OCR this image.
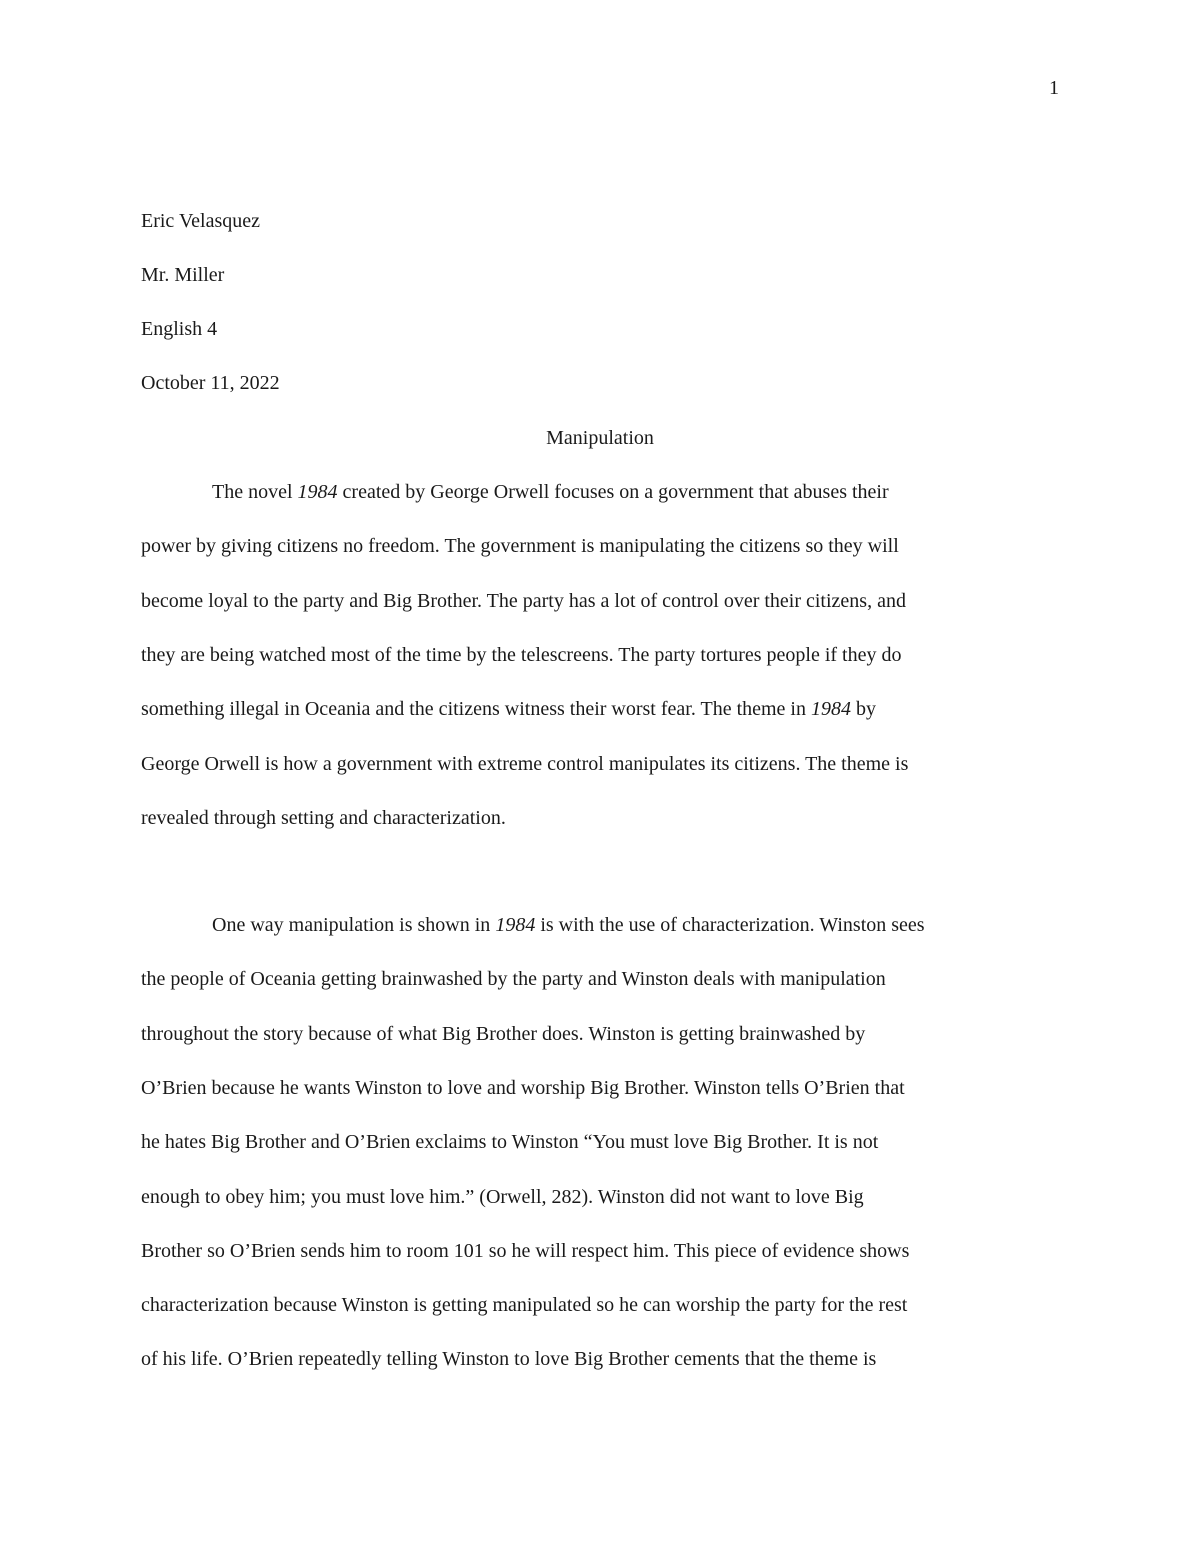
1
Eric Velasquez
Mr. Miller
English 4
October 11, 2022
Manipulation
The novel 1984 created by George Orwell focuses on a government that abuses their
power by giving citizens no freedom. The government is manipulating the citizens so they will
become loyal to the party and Big Brother. The party has a lot of control over their citizens, and
they are being watched most of the time by the telescreens. The party tortures people if they do
something illegal in Oceania and the citizens witness their worst fear. The theme in 1984 by
George Orwell is how a government with extreme control manipulates its citizens. The theme is
revealed through setting and characterization.
One way manipulation is shown in 1984 is with the use of characterization. Winston sees
the people of Oceania getting brainwashed by the party and Winston deals with manipulation
throughout the story because of what Big Brother does. Winston is getting brainwashed by
O’Brien because he wants Winston to love and worship Big Brother. Winston tells O’Brien that
he hates Big Brother and O’Brien exclaims to Winston “You must love Big Brother. It is not
enough to obey him; you must love him.” (Orwell, 282). Winston did not want to love Big
Brother so O’Brien sends him to room 101 so he will respect him. This piece of evidence shows
characterization because Winston is getting manipulated so he can worship the party for the rest
of his life. O’Brien repeatedly telling Winston to love Big Brother cements that the theme is
